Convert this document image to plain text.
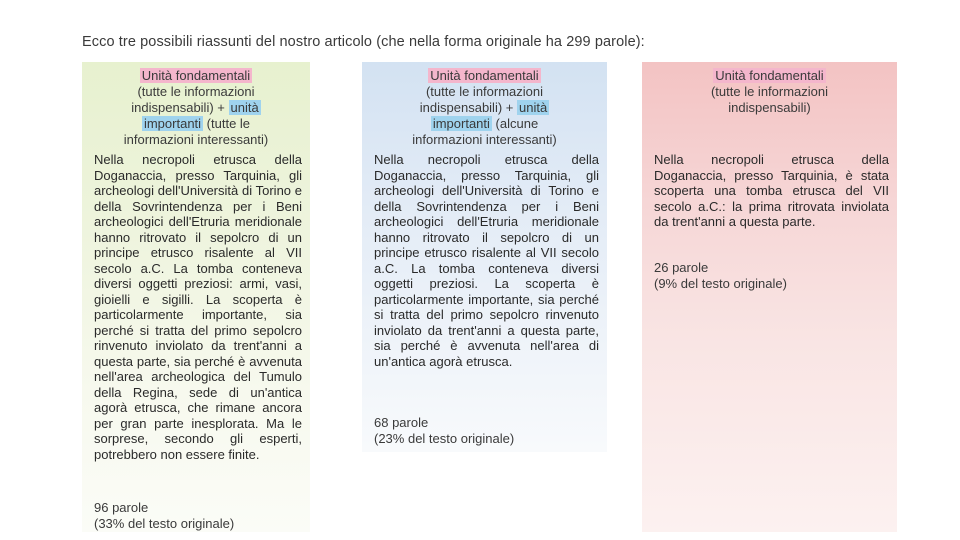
Ecco tre possibili riassunti del nostro articolo (che nella forma originale ha 299 parole):
Unità fondamentali
(tutte le informazioni
indispensabili) + unità
importanti (tutte le
informazioni interessanti)
Nella necropoli etrusca della Doganaccia, presso Tarquinia, gli archeologi dell'Università di Torino e della Sovrintendenza per i Beni archeologici dell'Etruria meridionale hanno ritrovato il sepolcro di un principe etrusco risalente al VII secolo a.C. La tomba conteneva diversi oggetti preziosi: armi, vasi, gioielli e sigilli. La scoperta è particolarmente importante, sia perché si tratta del primo sepolcro rinvenuto inviolato da trent'anni a questa parte, sia perché è avvenuta nell'area archeologica del Tumulo della Regina, sede di un'antica agorà etrusca, che rimane ancora per gran parte inesplorata. Ma le sorprese, secondo gli esperti, potrebbero non essere finite.
96 parole
(33% del testo originale)
Unità fondamentali
(tutte le informazioni
indispensabili) + unità
importanti (alcune
informazioni interessanti)
Nella necropoli etrusca della Doganaccia, presso Tarquinia, gli archeologi dell'Università di Torino e della Sovrintendenza per i Beni archeologici dell'Etruria meridionale hanno ritrovato il sepolcro di un principe etrusco risalente al VII secolo a.C. La tomba conteneva diversi oggetti preziosi. La scoperta è particolarmente importante, sia perché si tratta del primo sepolcro rinvenuto inviolato da trent'anni a questa parte, sia perché è avvenuta nell'area di un'antica agorà etrusca.
68 parole
(23% del testo originale)
Unità fondamentali
(tutte le informazioni
indispensabili)
Nella necropoli etrusca della Doganaccia, presso Tarquinia, è stata scoperta una tomba etrusca del VII secolo a.C.: la prima ritrovata inviolata da trent'anni a questa parte.
26 parole
(9% del testo originale)
